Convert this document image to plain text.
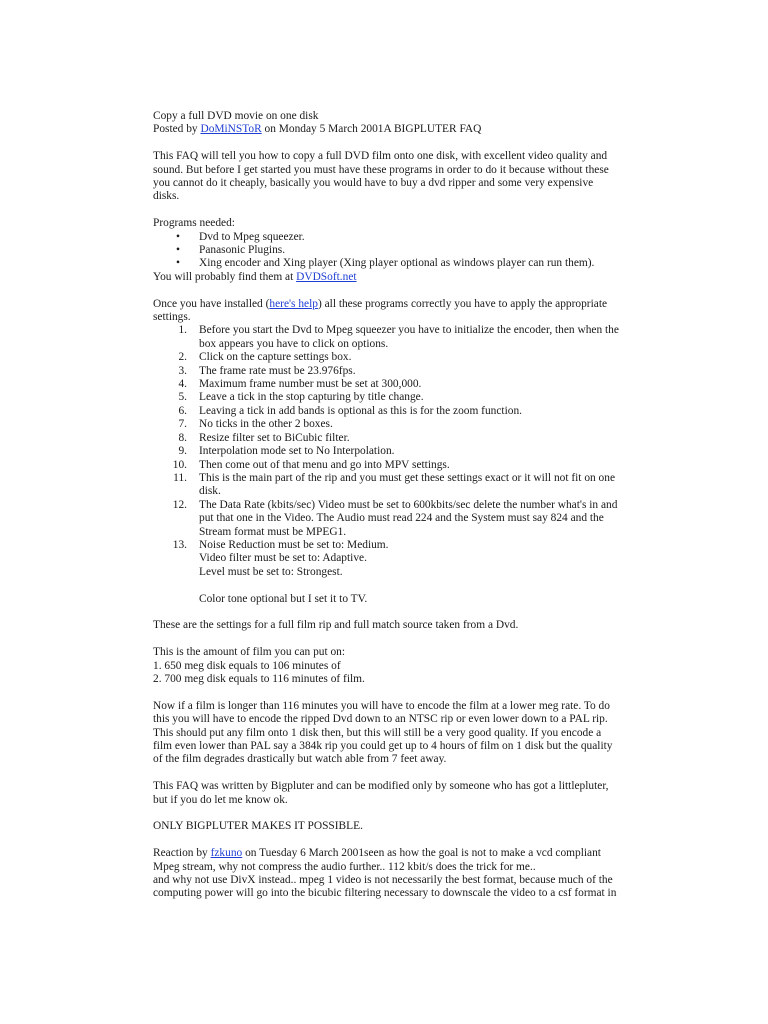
Copy a full DVD movie on one disk

Posted by DoMiNSToR on Monday 5 March 2001A BIGPLUTER FAQ

This FAQ will tell you how to copy a full DVD film onto one disk, with excellent video quality and sound. But before I get started you must have these programs in order to do it because without these you cannot do it cheaply, basically you would have to buy a dvd ripper and some very expensive disks.

Programs needed:

• Dvd to Mpeg squeezer.
• Panasonic Plugins.
• Xing encoder and Xing player (Xing player optional as windows player can run them).

You will probably find them at DVDSoft.net

Once you have installed (here's help) all these programs correctly you have to apply the appropriate settings.

1. Before you start the Dvd to Mpeg squeezer you have to initialize the encoder, then when the box appears you have to click on options.
2. Click on the capture settings box.
3. The frame rate must be 23.976fps.
4. Maximum frame number must be set at 300,000.
5. Leave a tick in the stop capturing by title change.
6. Leaving a tick in add bands is optional as this is for the zoom function.
7. No ticks in the other 2 boxes.
8. Resize filter set to BiCubic filter.
9. Interpolation mode set to No Interpolation.
10. Then come out of that menu and go into MPV settings.
11. This is the main part of the rip and you must get these settings exact or it will not fit on one disk.
12. The Data Rate (kbits/sec) Video must be set to 600kbits/sec delete the number what's in and put that one in the Video. The Audio must read 224 and the System must say 824 and the Stream format must be MPEG1.
13. Noise Reduction must be set to: Medium.
Video filter must be set to: Adaptive.
Level must be set to: Strongest.
Color tone optional but I set it to TV.

These are the settings for a full film rip and full match source taken from a Dvd.

This is the amount of film you can put on:

1. 650 meg disk equals to 106 minutes of

2. 700 meg disk equals to 116 minutes of film.

Now if a film is longer than 116 minutes you will have to encode the film at a lower meg rate. To do this you will have to encode the ripped Dvd down to an NTSC rip or even lower down to a PAL rip. This should put any film onto 1 disk then, but this will still be a very good quality. If you encode a film even lower than PAL say a 384k rip you could get up to 4 hours of film on 1 disk but the quality of the film degrades drastically but watch able from 7 feet away.

This FAQ was written by Bigpluter and can be modified only by someone who has got a littlepluter, but if you do let me know ok.

ONLY BIGPLUTER MAKES IT POSSIBLE.

Reaction by fzkuno on Tuesday 6 March 2001seen as how the goal is not to make a vcd compliant Mpeg stream, why not compress the audio further.. 112 kbit/s does the trick for me..

and why not use DivX instead.. mpeg 1 video is not necessarily the best format, because much of the computing power will go into the bicubic filtering necessary to downscale the video to a csf format in
